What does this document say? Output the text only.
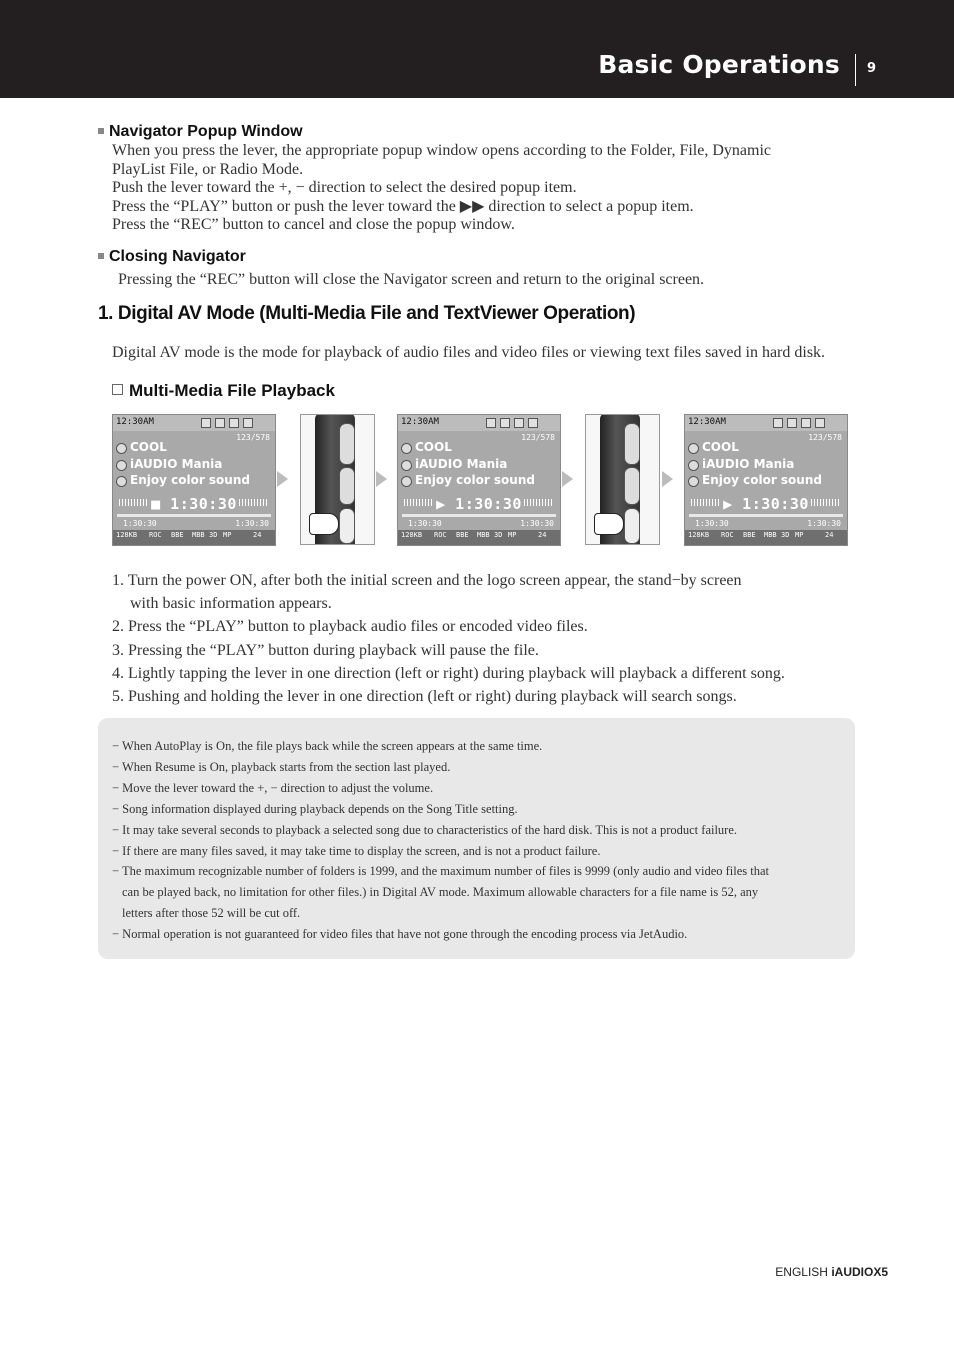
Basic Operations 9
Navigator Popup Window
When you press the lever, the appropriate popup window opens according to the Folder, File, Dynamic
PlayList File, or Radio Mode.
Push the lever toward the +, − direction to select the desired popup item.
Press the “PLAY” button or push the lever toward the ▶▶ direction to select a popup item.
Press the “REC” button to cancel and close the popup window.
Closing Navigator
Pressing the “REC” button will close the Navigator screen and return to the original screen.
1. Digital AV Mode (Multi-Media File and TextViewer Operation)
Digital AV mode is the mode for playback of audio files and video files or viewing text files saved in hard disk.
Multi-Media File Playback
12:30AM
123/578
COOL
iAUDIO Mania
Enjoy color sound
■ 1:30:30
1:30:30	1:30:30
128KB ROC BBE MBB 3D MP	24
12:30AM
123/578
COOL
iAUDIO Mania
Enjoy color sound
▶ 1:30:30
1:30:30	1:30:30
128KB ROC BBE MBB 3D MP	24
12:30AM
123/578
COOL
iAUDIO Mania
Enjoy color sound
▶ 1:30:30
1:30:30	1:30:30
128KB ROC BBE MBB 3D MP	24
1. Turn the power ON, after both the initial screen and the logo screen appear, the stand−by screen
with basic information appears.
2. Press the “PLAY” button to playback audio files or encoded video files.
3. Pressing the “PLAY” button during playback will pause the file.
4. Lightly tapping the lever in one direction (left or right) during playback will playback a different song.
5. Pushing and holding the lever in one direction (left or right) during playback will search songs.
− When AutoPlay is On, the file plays back while the screen appears at the same time.
− When Resume is On, playback starts from the section last played.
− Move the lever toward the +, − direction to adjust the volume.
− Song information displayed during playback depends on the Song Title setting.
− It may take several seconds to playback a selected song due to characteristics of the hard disk. This is not a product failure.
− If there are many files saved, it may take time to display the screen, and is not a product failure.
− The maximum recognizable number of folders is 1999, and the maximum number of files is 9999 (only audio and video files that
can be played back, no limitation for other files.) in Digital AV mode. Maximum allowable characters for a file name is 52, any
letters after those 52 will be cut off.
− Normal operation is not guaranteed for video files that have not gone through the encoding process via JetAudio.
ENGLISH iAUDIOX5
